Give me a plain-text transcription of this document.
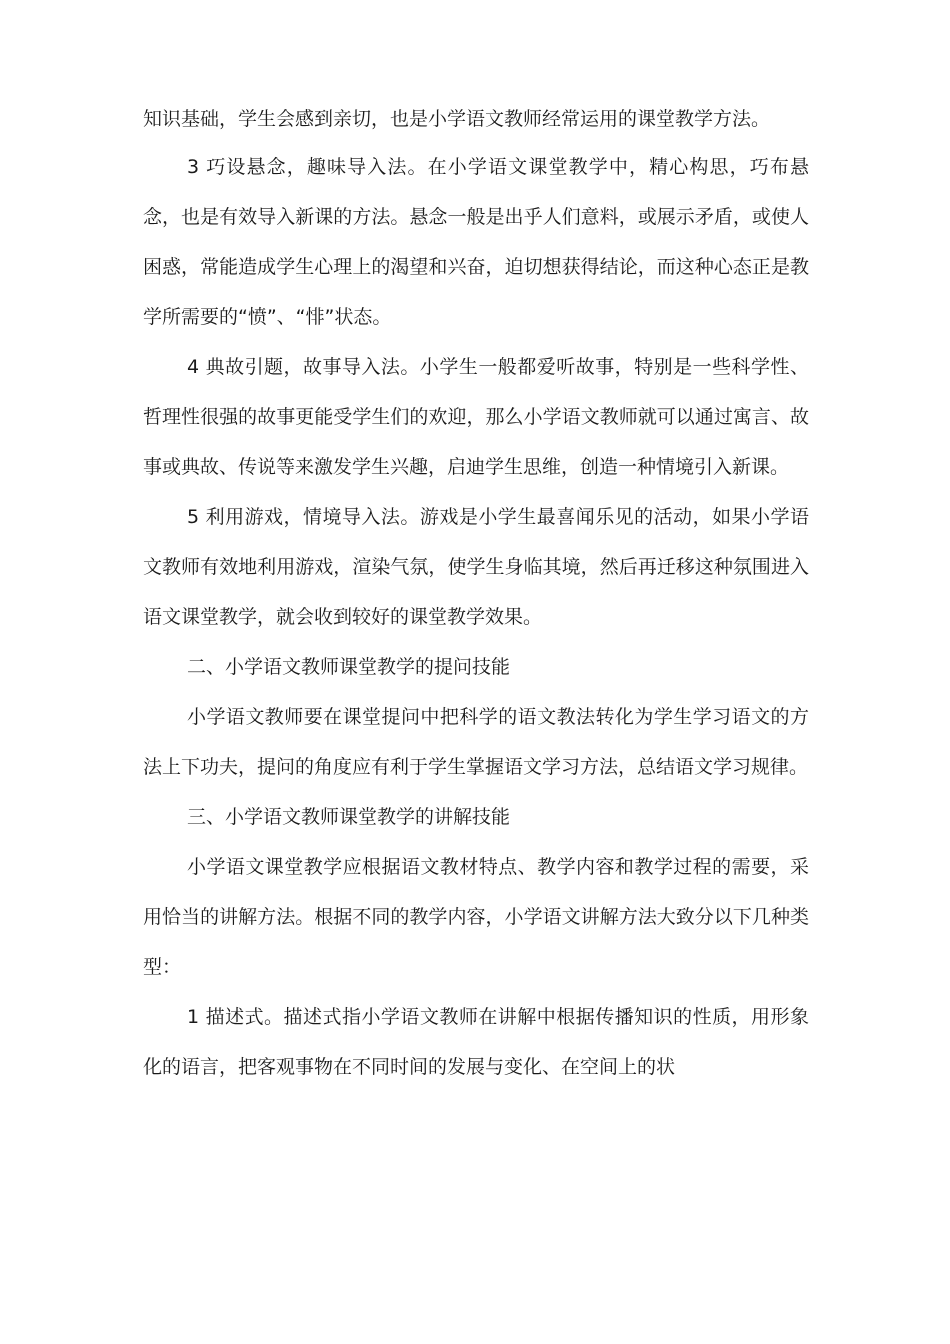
知识基础，学生会感到亲切，也是小学语文教师经常运用的课堂教学方法。

3 巧设悬念，趣味导入法。在小学语文课堂教学中，精心构思，巧布悬念，也是有效导入新课的方法。悬念一般是出乎人们意料，或展示矛盾，或使人困惑，常能造成学生心理上的渴望和兴奋，迫切想获得结论，而这种心态正是教学所需要的“愤”、“悱”状态。

4 典故引题，故事导入法。小学生一般都爱听故事，特别是一些科学性、哲理性很强的故事更能受学生们的欢迎，那么小学语文教师就可以通过寓言、故事或典故、传说等来激发学生兴趣，启迪学生思维，创造一种情境引入新课。

5 利用游戏，情境导入法。游戏是小学生最喜闻乐见的活动，如果小学语文教师有效地利用游戏，渲染气氛，使学生身临其境，然后再迁移这种氛围进入语文课堂教学，就会收到较好的课堂教学效果。

二、小学语文教师课堂教学的提问技能

小学语文教师要在课堂提问中把科学的语文教法转化为学生学习语文的方法上下功夫，提问的角度应有利于学生掌握语文学习方法，总结语文学习规律。

三、小学语文教师课堂教学的讲解技能

小学语文课堂教学应根据语文教材特点、教学内容和教学过程的需要，采用恰当的讲解方法。根据不同的教学内容，小学语文讲解方法大致分以下几种类型：

1 描述式。描述式指小学语文教师在讲解中根据传播知识的性质，用形象化的语言，把客观事物在不同时间的发展与变化、在空间上的状
